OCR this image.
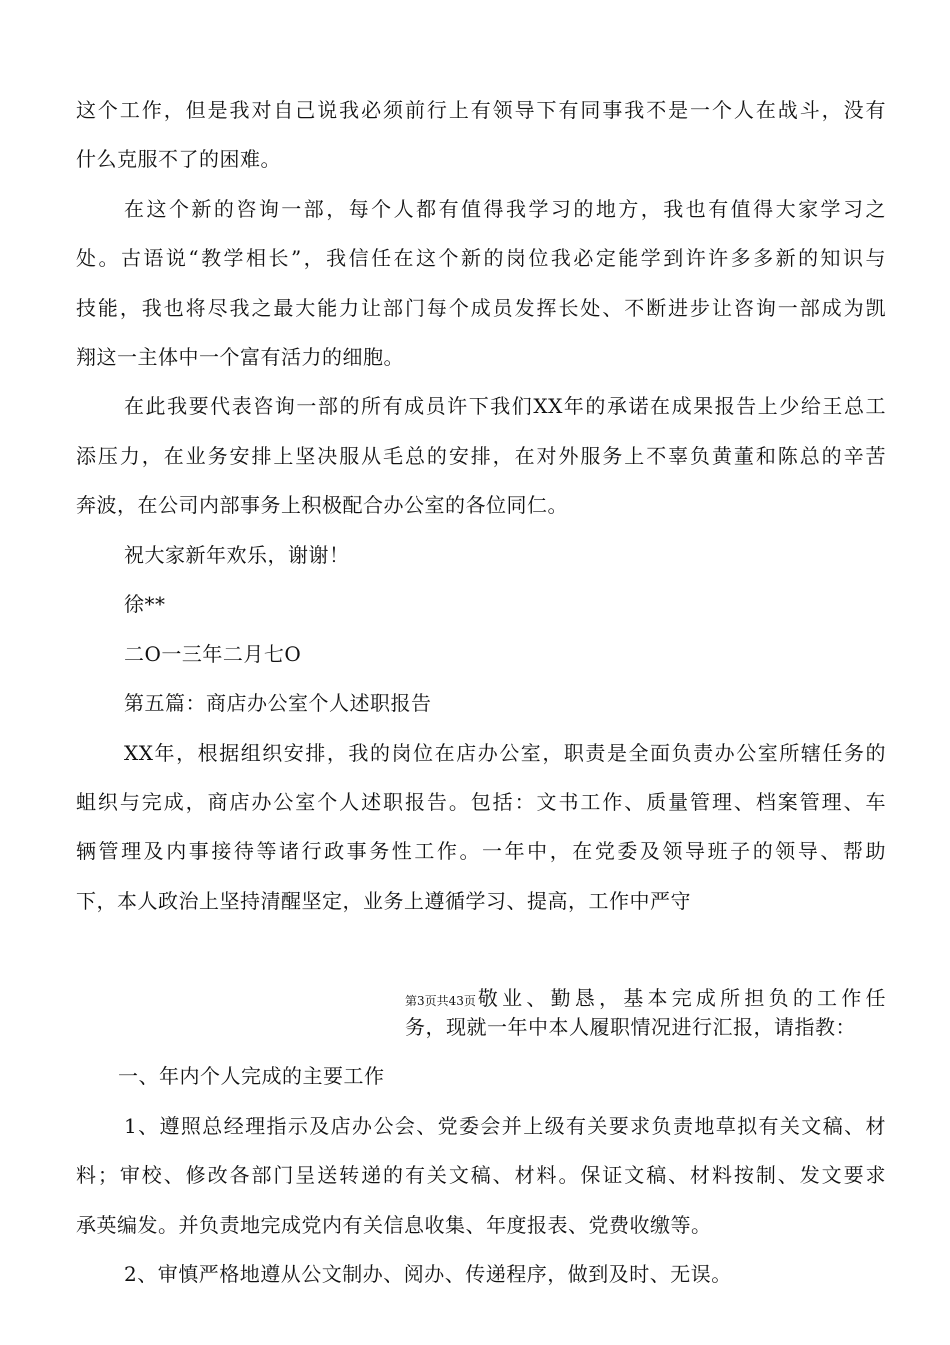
这个工作，但是我对自己说我必须前行上有领导下有同事我不是一个人在战斗，没有
什么克服不了的困难。
在这个新的咨询一部，每个人都有值得我学习的地方，我也有值得大家学习之
处。古语说“教学相长”，我信任在这个新的岗位我必定能学到许许多多新的知识与
技能，我也将尽我之最大能力让部门每个成员发挥长处、不断进步让咨询一部成为凯
翔这一主体中一个富有活力的细胞。
在此我要代表咨询一部的所有成员许下我们XX年的承诺在成果报告上少给王总工
添压力，在业务安排上坚决服从毛总的安排，在对外服务上不辜负黄董和陈总的辛苦
奔波，在公司内部事务上积极配合办公室的各位同仁。
祝大家新年欢乐，谢谢！
徐**
二O一三年二月七O
第五篇：商店办公室个人述职报告
XX年，根据组织安排，我的岗位在店办公室，职责是全面负责办公室所辖任务的
蛆织与完成，商店办公室个人述职报告。包括：文书工作、质量管理、档案管理、车
辆管理及内事接待等诸行政事务性工作。一年中，在党委及领导班子的领导、帮助
下，本人政治上坚持清醒坚定，业务上遵循学习、提高，工作中严守
第3页共43页 敬业、勤恳，基本完成所担负的工作任
务，现就一年中本人履职情况进行汇报，请指教：
一、年内个人完成的主要工作
1、遵照总经理指示及店办公会、党委会并上级有关要求负责地草拟有关文稿、材
料；审校、修改各部门呈送转递的有关文稿、材料。保证文稿、材料按制、发文要求
承英编发。并负责地完成党内有关信息收集、年度报表、党费收缴等。
2、审慎严格地遵从公文制办、阅办、传递程序，做到及时、无误。
